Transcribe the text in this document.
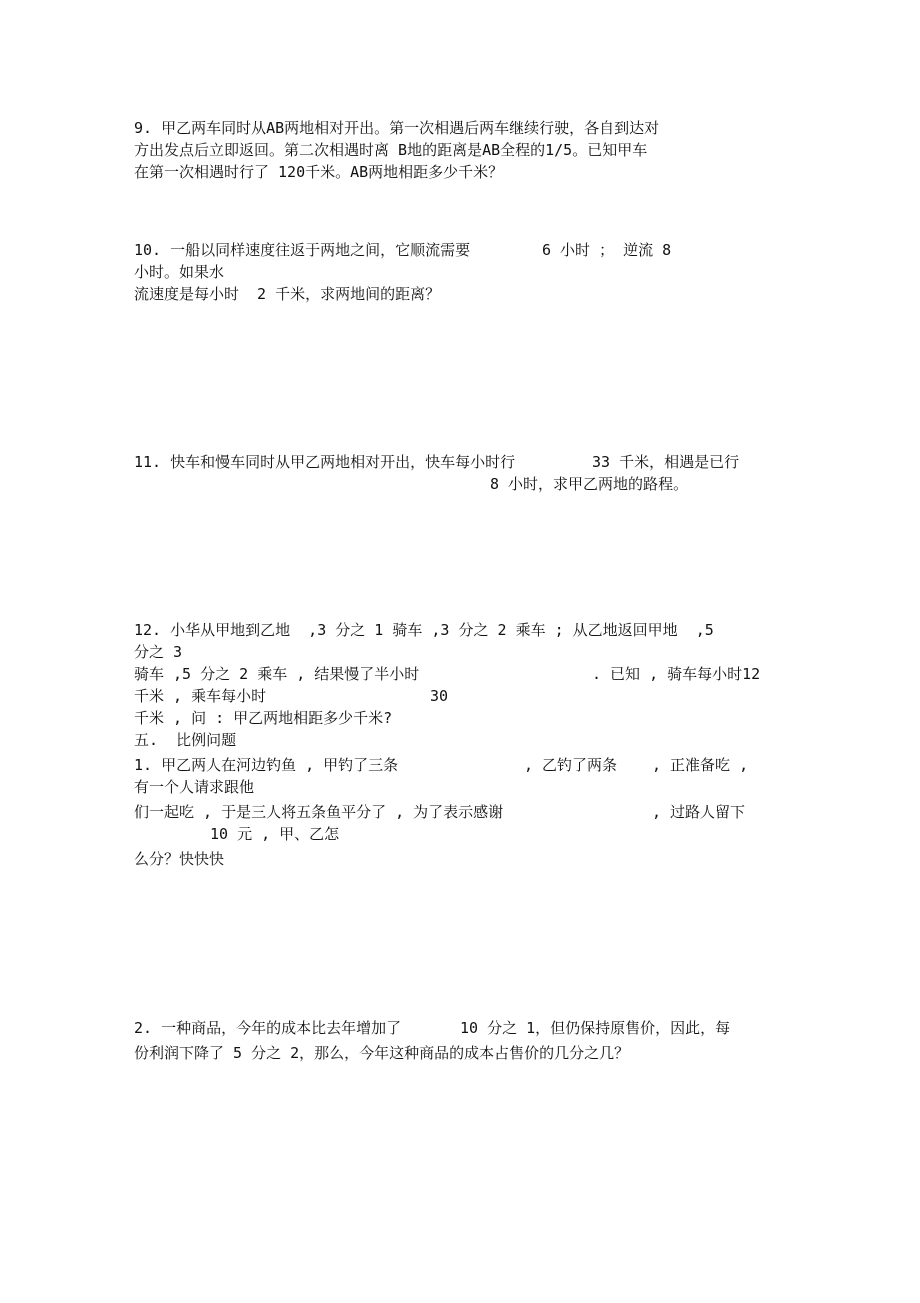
9. 甲乙两车同时从AB两地相对开出。第一次相遇后两车继续行驶，各自到达对
方出发点后立即返回。第二次相遇时离 B地的距离是AB全程的1/5。已知甲车
在第一次相遇时行了 120千米。AB两地相距多少千米？
10. 一船以同样速度往返于两地之间，它顺流需要	6 小时 ； 逆流 8
小时。如果水
流速度是每小时  2 千米，求两地间的距离？
11. 快车和慢车同时从甲乙两地相对开出，快车每小时行	33 千米，相遇是已行
8 小时，求甲乙两地的路程。
12. 小华从甲地到乙地  ,3 分之 1 骑车 ,3 分之 2 乘车 ; 从乙地返回甲地  ,5
分之 3
骑车 ,5 分之 2 乘车 , 结果慢了半小时	. 已知 , 骑车每小时12
千米 , 乘车每小时	30
千米 , 问 : 甲乙两地相距多少千米?
五.  比例问题
1. 甲乙两人在河边钓鱼 , 甲钓了三条	, 乙钓了两条 , 正准备吃 ,
有一个人请求跟他
们一起吃 , 于是三人将五条鱼平分了 , 为了表示感谢	, 过路人留下
10 元 , 甲、乙怎
么分？快快快
2. 一种商品，今年的成本比去年增加了	10 分之 1，但仍保持原售价，因此，每
份利润下降了 5 分之 2，那么，今年这种商品的成本占售价的几分之几？
